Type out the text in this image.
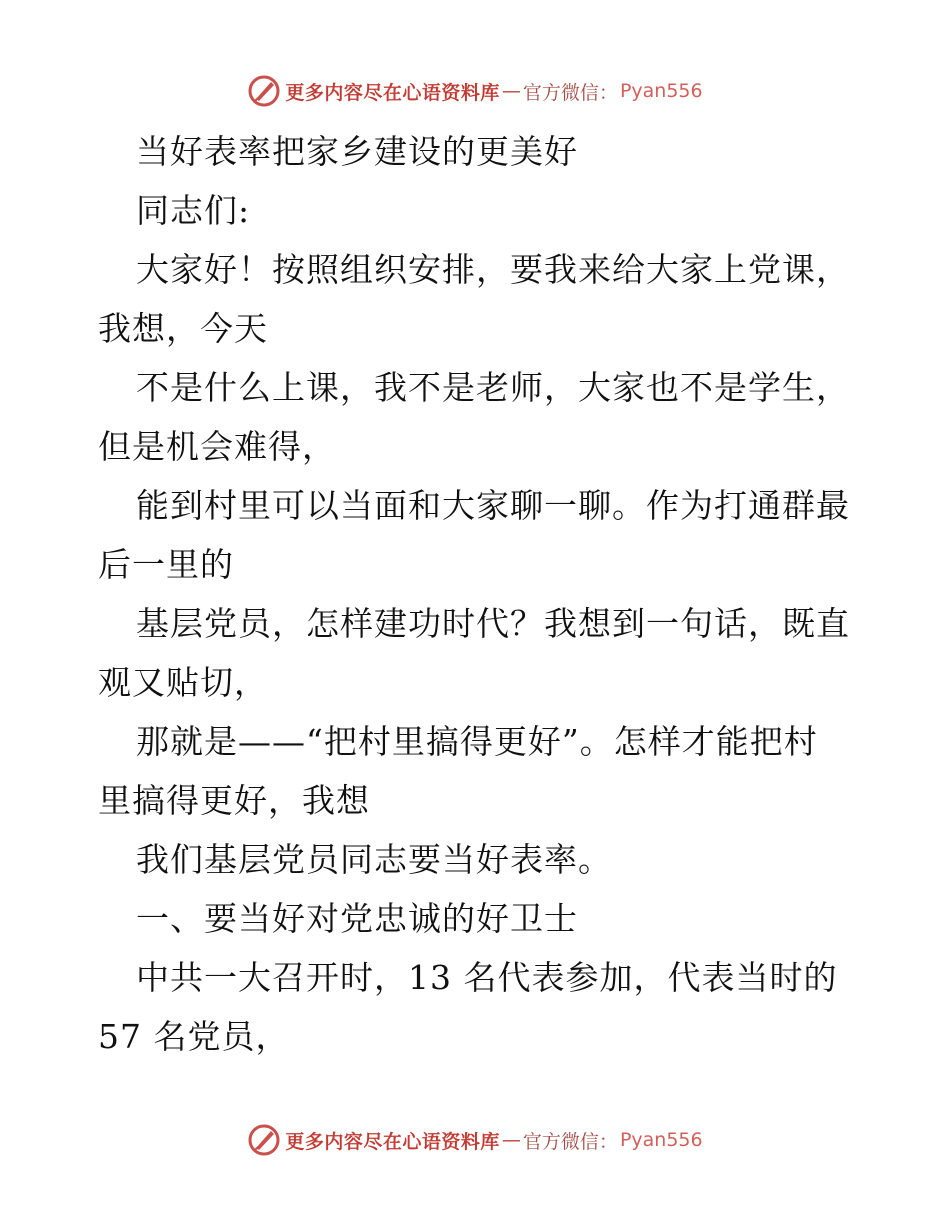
更多内容尽在心语资料库 — 官方微信： Pyan556
当好表率把家乡建设的更美好
同志们:
大家好！按照组织安排，要我来给大家上党课，
我想，今天
不是什么上课，我不是老师，大家也不是学生，
但是机会难得，
能到村里可以当面和大家聊一聊。作为打通群最
后一里的
基层党员，怎样建功时代？我想到一句话，既直
观又贴切，
那就是——“把村里搞得更好”。怎样才能把村
里搞得更好，我想
我们基层党员同志要当好表率。
一、要当好对党忠诚的好卫士
中共一大召开时，13 名代表参加，代表当时的
57 名党员，
更多内容尽在心语资料库 — 官方微信： Pyan556
